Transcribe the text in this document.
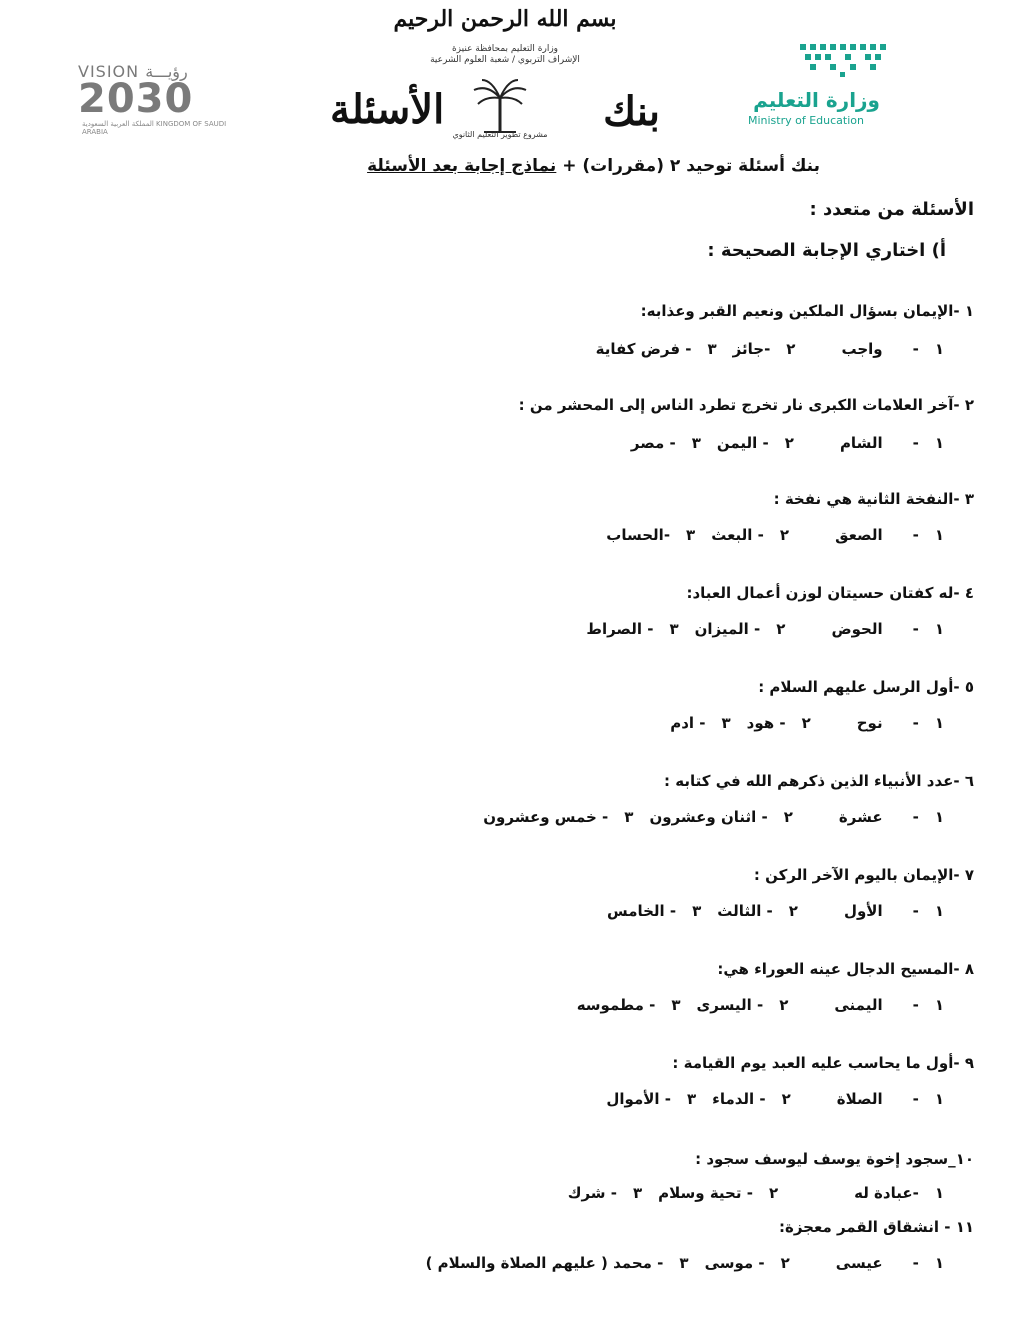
بسم الله الرحمن الرحيم
وزارة التعليم بمحافظة عنيزة
الإشراف التربوي / شعبة العلوم الشرعية
بنك
الأسئلة
مشروع تطوير التعليم الثانوي
VISION رؤيـــة
2030
المملكة العربية السعودية KINGDOM OF SAUDI ARABIA
وزارة التعليم
Ministry of Education
بنك أسئلة توحيد ٢ (مقررات) + نماذج إجابة بعد الأسئلة
الأسئلة من متعدد :
أ) اختاري الإجابة الصحيحة :
١ -الإيمان بسؤال الملكين ونعيم القبر وعذابه:
١-واجب٢-جائز٣- فرض كفاية
٢ -آخر العلامات الكبرى نار تخرج تطرد الناس إلى المحشر من :
١-الشام٢- اليمن٣- مصر
٣ -النفخة الثانية هي نفخة :
١-الصعق٢- البعث٣-الحساب
٤ -له كفتان حسيتان لوزن أعمال العباد:
١-الحوض٢- الميزان٣- الصراط
٥ -أول الرسل عليهم السلام :
١-نوح٢- هود٣- ادم
٦ -عدد الأنبياء الذين ذكرهم الله في كتابه :
١-عشرة٢- اثنان وعشرون٣- خمس وعشرون
٧ -الإيمان باليوم الآخر الركن :
١-الأول٢- الثالث٣- الخامس
٨ -المسيح الدجال عينه العوراء هي:
١-اليمنى٢- اليسرى٣- مطموسه
٩ -أول ما يحاسب عليه العبد يوم القيامة :
١-الصلاة٢- الدماء٣- الأموال
١٠_سجود إخوة يوسف ليوسف سجود :
١-عبادة له٢- تحية وسلام٣- شرك
١١ - انشقاق القمر معجزة:
١-عيسى٢- موسى٣- محمد ( عليهم الصلاة والسلام )
